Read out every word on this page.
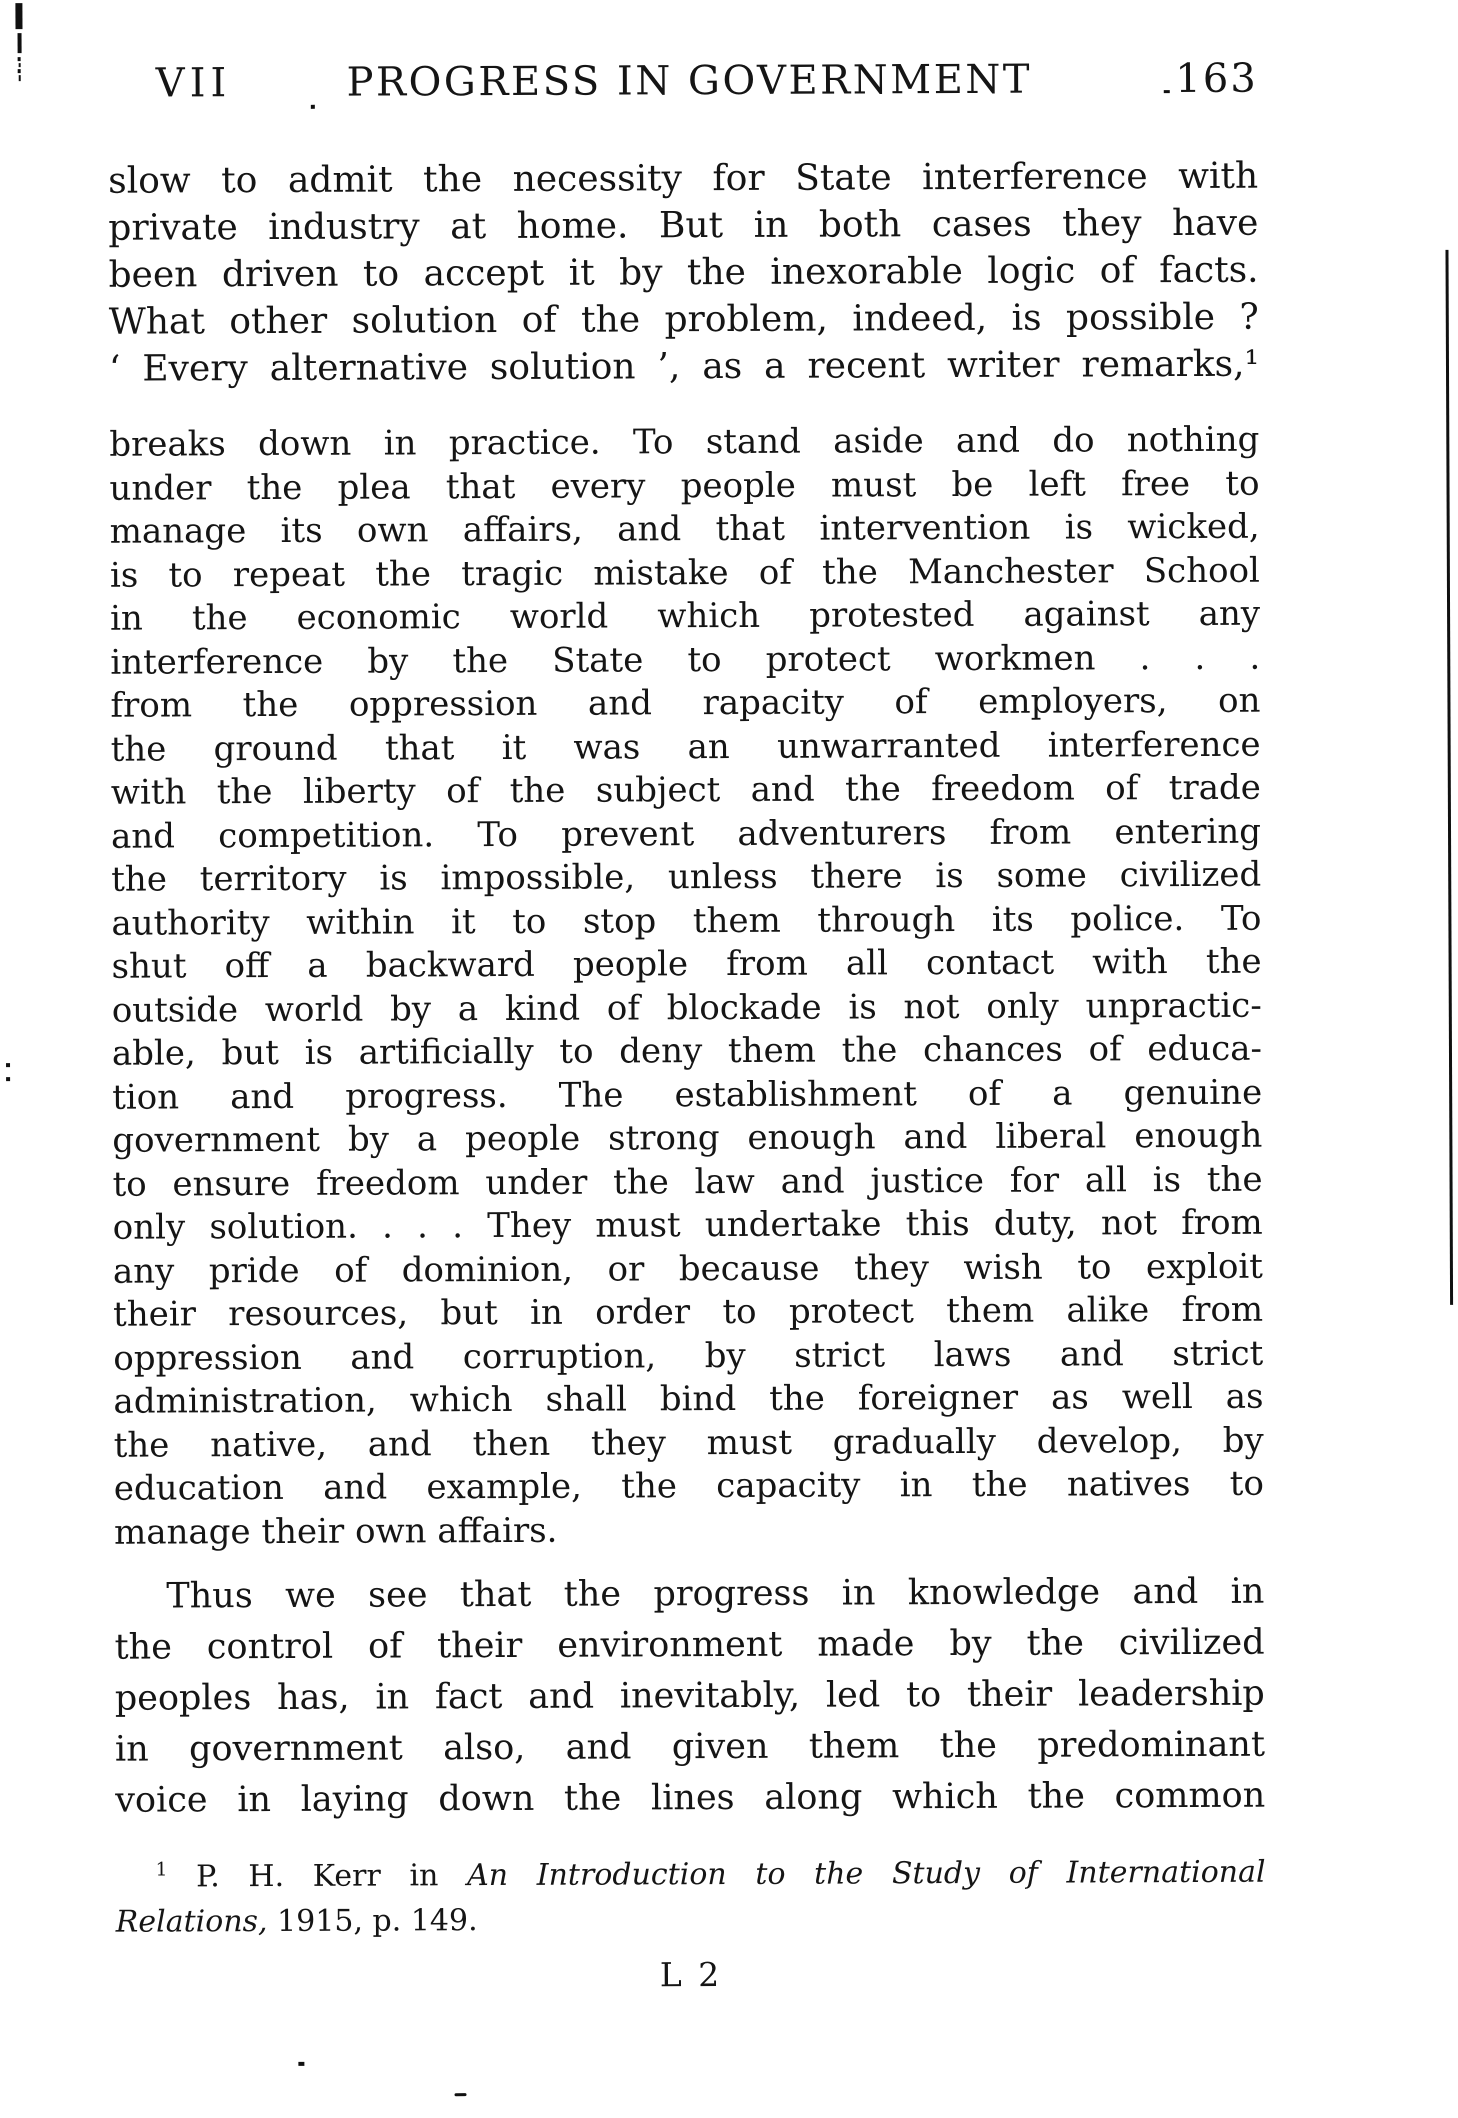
VII	PROGRESS IN GOVERNMENT	163
slow to admit the necessity for State interference with
private industry at home. But in both cases they have
been driven to accept it by the inexorable logic of facts.
What other solution of the problem, indeed, is possible ?
‘ Every alternative solution ’, as a recent writer remarks,¹
breaks down in practice. To stand aside and do nothing
under the plea that every people must be left free to
manage its own affairs, and that intervention is wicked,
is to repeat the tragic mistake of the Manchester School
in the economic world which protested against any
interference by the State to protect workmen . . .
from the oppression and rapacity of employers, on
the ground that it was an unwarranted interference
with the liberty of the subject and the freedom of trade
and competition. To prevent adventurers from entering
the territory is impossible, unless there is some civilized
authority within it to stop them through its police. To
shut off a backward people from all contact with the
outside world by a kind of blockade is not only unpractic-
able, but is artificially to deny them the chances of educa-
tion and progress. The establishment of a genuine
government by a people strong enough and liberal enough
to ensure freedom under the law and justice for all is the
only solution. . . . They must undertake this duty, not from
any pride of dominion, or because they wish to exploit
their resources, but in order to protect them alike from
oppression and corruption, by strict laws and strict
administration, which shall bind the foreigner as well as
the native, and then they must gradually develop, by
education and example, the capacity in the natives to
manage their own affairs.
Thus we see that the progress in knowledge and in
the control of their environment made by the civilized
peoples has, in fact and inevitably, led to their leadership
in government also, and given them the predominant
voice in laying down the lines along which the common
$^1$ P. H. Kerr in An Introduction to the Study of International
Relations, 1915, p. 149.
L 2
